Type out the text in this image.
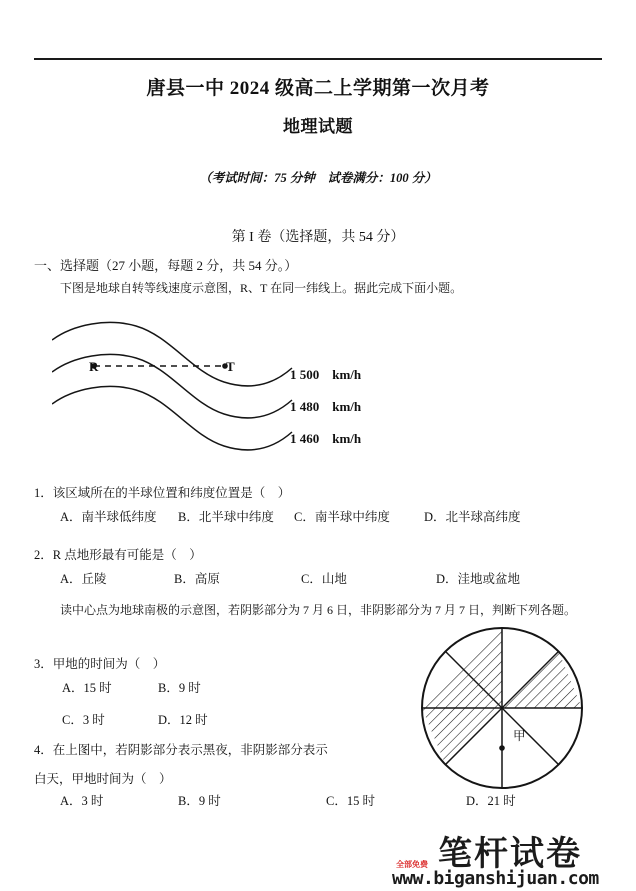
唐县一中 2024 级高二上学期第一次月考
地理试题
（考试时间：75 分钟　试卷满分：100 分）
第 I 卷（选择题，共 54 分）
一、选择题（27 小题，每题 2 分，共 54 分。）
下图是地球自转等线速度示意图，R、T 在同一纬线上。据此完成下面小题。
R	T
1 500　km/h
1 480　km/h
1 460　km/h
1．该区域所在的半球位置和纬度位置是（　）
A．南半球低纬度 B．北半球中纬度 C．南半球中纬度	D．北半球高纬度
2．R 点地形最有可能是（　）
A．丘陵	B．高原	C．山地	D．洼地或盆地
读中心点为地球南极的示意图，若阴影部分为 7 月 6 日，非阴影部分为 7 月 7 日，判断下列各题。
3．甲地的时间为（　）
A．15 时	B．9 时
C．3 时	D．12 时
4．在上图中，若阴影部分表示黑夜，非阴影部分表示白天，甲地时间为（　）
A．3 时	B．9 时	C．15 时	D．21 时
甲
笔杆试卷
全部免费
www.biganshijuan.com
